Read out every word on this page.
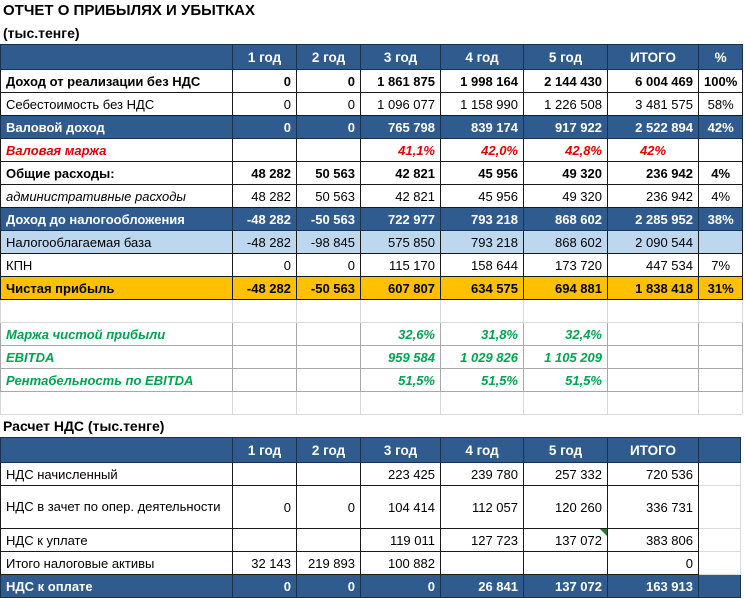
ОТЧЕТ О ПРИБЫЛЯХ И УБЫТКАХ
(тыс.тенге)
	1 год	2 год	3 год	4 год	5 год	ИТОГО	%
Доход от реализации без НДС	0	0	1 861 875	1 998 164	2 144 430	6 004 469	100%
Себестоимость без НДС	0	0	1 096 077	1 158 990	1 226 508	3 481 575	58%
Валовой доход	0	0	765 798	839 174	917 922	2 522 894	42%
Валовая маржа			41,1%	42,0%	42,8%	42%	
Общие расходы:	48 282	50 563	42 821	45 956	49 320	236 942	4%
административные расходы	48 282	50 563	42 821	45 956	49 320	236 942	4%
Доход до налогообложения	-48 282	-50 563	722 977	793 218	868 602	2 285 952	38%
Налогооблагаемая база	-48 282	-98 845	575 850	793 218	868 602	2 090 544	
КПН	0	0	115 170	158 644	173 720	447 534	7%
Чистая прибыль	-48 282	-50 563	607 807	634 575	694 881	1 838 418	31%

Маржа чистой прибыли			32,6%	31,8%	32,4%		
EBITDA			959 584	1 029 826	1 105 209		
Рентабельность по EBITDA			51,5%	51,5%	51,5%		

Расчет НДС (тыс.тенге)
	1 год	2 год	3 год	4 год	5 год	ИТОГО	
НДС начисленный			223 425	239 780	257 332	720 536	
НДС в зачет по опер. деятельности	0	0	104 414	112 057	120 260	336 731	
НДС к уплате			119 011	127 723	137 072	383 806	
Итого налоговые активы	32 143	219 893	100 882			0	
НДС к оплате	0	0	0	26 841	137 072	163 913	
